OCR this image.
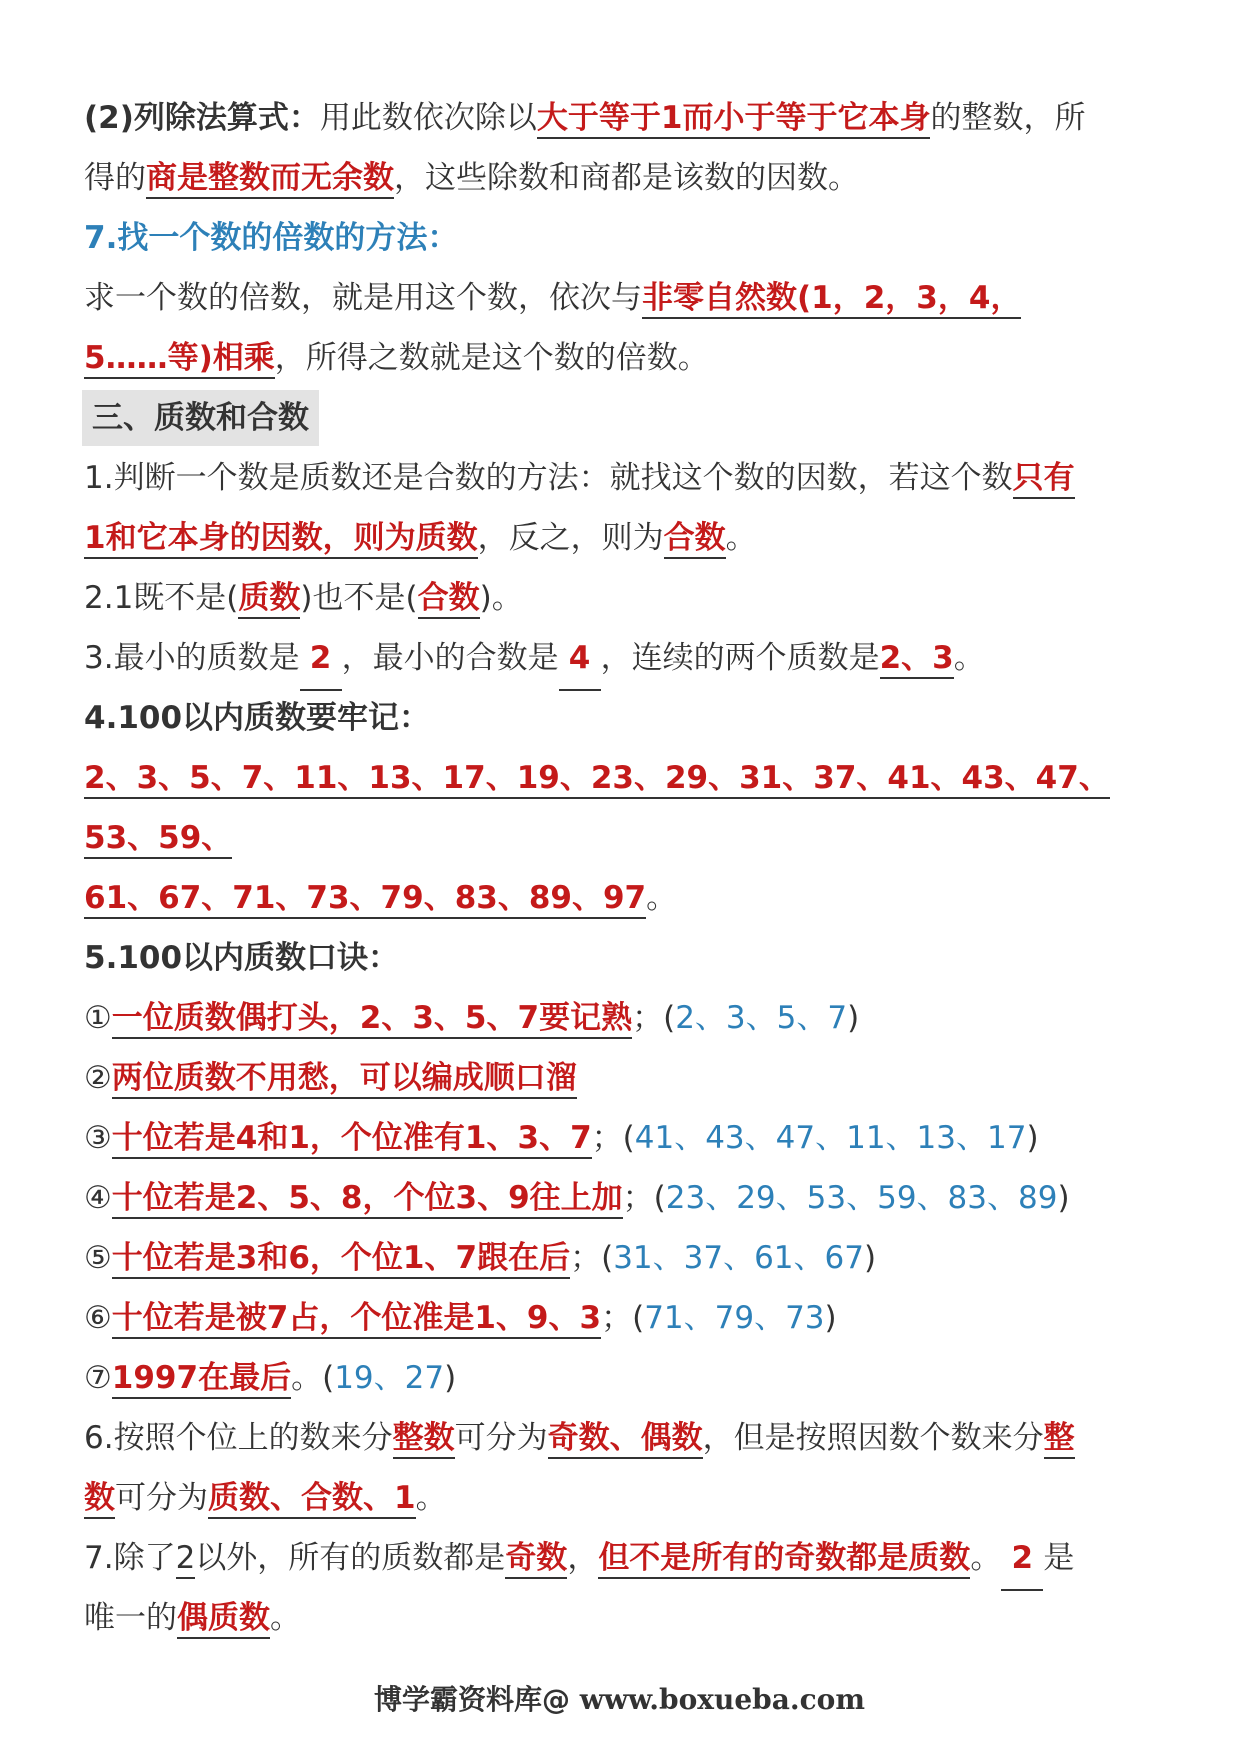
(2)列除法算式：用此数依次除以大于等于1而小于等于它本身的整数，所
得的商是整数而无余数，这些除数和商都是该数的因数。
7.找一个数的倍数的方法：
求一个数的倍数，就是用这个数，依次与非零自然数(1，2，3，4，
5……等)相乘，所得之数就是这个数的倍数。
三、质数和合数
1.判断一个数是质数还是合数的方法：就找这个数的因数，若这个数只有
1和它本身的因数，则为质数，反之，则为合数。
2.1既不是(质数)也不是(合数)。
3.最小的质数是 2 ，最小的合数是 4 ，连续的两个质数是2、3。
4.100以内质数要牢记：
2、3、5、7、11、13、17、19、23、29、31、37、41、43、47、
53、59、
61、67、71、73、79、83、89、97。
5.100以内质数口诀：
①一位质数偶打头，2、3、5、7要记熟；(2、3、5、7)
②两位质数不用愁，可以编成顺口溜
③十位若是4和1，个位准有1、3、7；(41、43、47、11、13、17)
④十位若是2、5、8，个位3、9往上加；(23、29、53、59、83、89)
⑤十位若是3和6，个位1、7跟在后；(31、37、61、67)
⑥十位若是被7占，个位准是1、9、3；(71、79、73)
⑦1997在最后。(19、27)
6.按照个位上的数来分整数可分为奇数、偶数，但是按照因数个数来分整
数可分为质数、合数、1。
7.除了2以外，所有的质数都是奇数，但不是所有的奇数都是质数。 2 是
唯一的偶质数。
博学霸资料库@ www.boxueba.com
